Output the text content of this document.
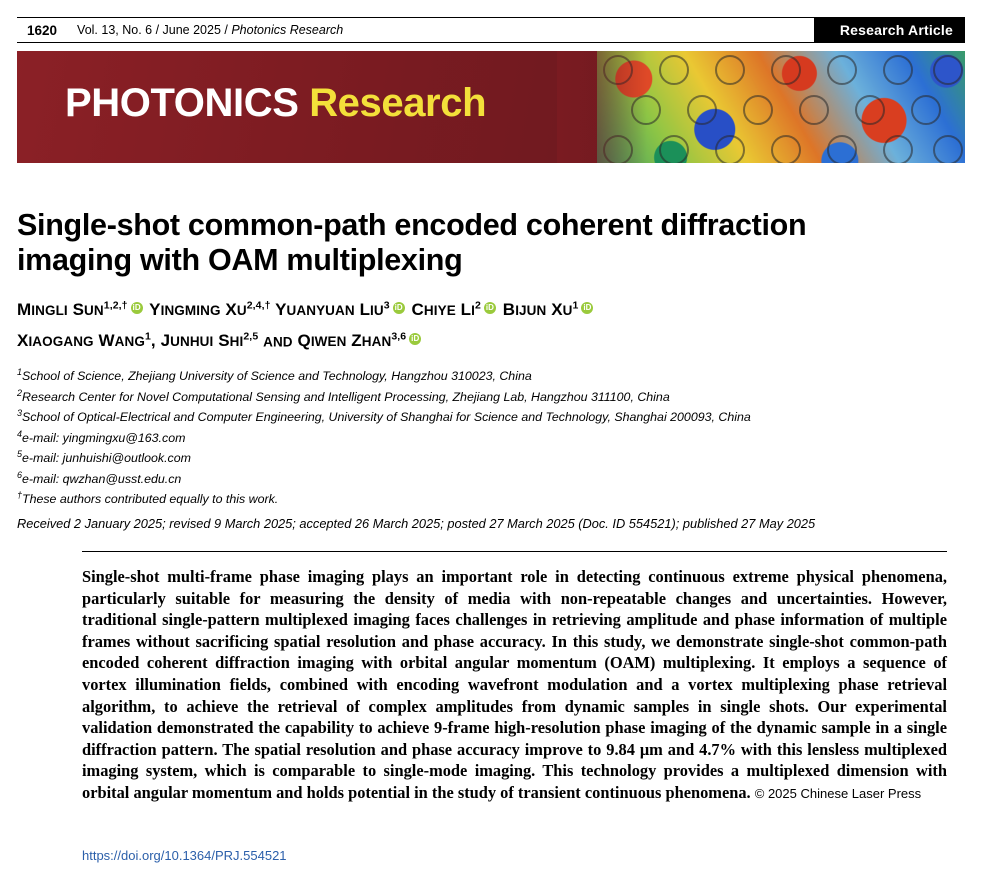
1620 Vol. 13, No. 6 / June 2025 / Photonics Research	Research Article
PHOTONICS Research
Single-shot common-path encoded coherent diffraction imaging with OAM multiplexing
MINGLI $SUN^{1,2,\dagger}$ iD YINGMING $XU^{2,4,\dagger}$ YUANYUAN LIU$^3$ iD CHIYE $LI^2$ iD BIJUN $XU^1iD$
XIAOGANG WANG$^1$, JUNHUI SHI$^{2,5}$ AND QIWEN ZHAN$^{3,6}$iD
$^1$School of Science, Zhejiang University of Science and Technology, Hangzhou 310023, China
$^2$Research Center for Novel Computational Sensing and Intelligent Processing, Zhejiang Lab, Hangzhou 311100, China
$^3$School of Optical-Electrical and Computer Engineering, University of Shanghai for Science and Technology, Shanghai 200093, China
$^4$e-mail: yingmingxu@163.com
$^5$e-mail: junhuishi@outlook.com
$^6$e-mail: qwzhan@usst.edu.cn
†These authors contributed equally to this work.
Received 2 January 2025; revised 9 March 2025; accepted 26 March 2025; posted 27 March 2025 (Doc. ID 554521); published 27 May 2025
Single-shot multi-frame phase imaging plays an important role in detecting continuous extreme physical phenomena, particularly suitable for measuring the density of media with non-repeatable changes and uncertainties. However, traditional single-pattern multiplexed imaging faces challenges in retrieving amplitude and phase information of multiple frames without sacrificing spatial resolution and phase accuracy. In this study, we demonstrate single-shot common-path encoded coherent diffraction imaging with orbital angular momentum (OAM) multiplexing. It employs a sequence of vortex illumination fields, combined with encoding wavefront modulation and a vortex multiplexing phase retrieval algorithm, to achieve the retrieval of complex amplitudes from dynamic samples in single shots. Our experimental validation demonstrated the capability to achieve 9-frame high-resolution phase imaging of the dynamic sample in a single diffraction pattern. The spatial resolution and phase accuracy improve to 9.84 μm and 4.7% with this lensless multiplexed imaging system, which is comparable to single-mode imaging. This technology provides a multiplexed dimension with orbital angular momentum and holds potential in the study of transient continuous phenomena. © 2025 Chinese Laser Press
https://doi.org/10.1364/PRJ.554521
